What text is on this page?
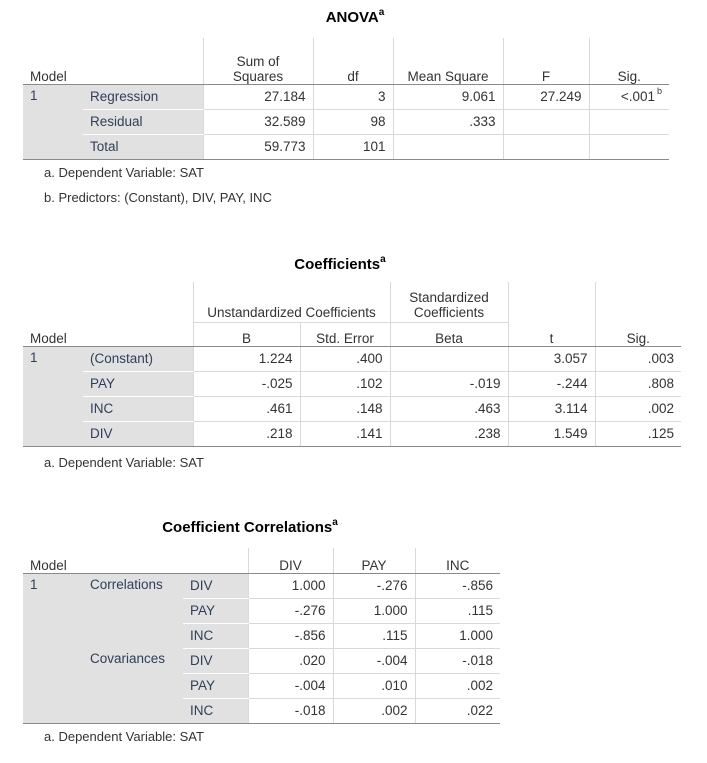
ANOVA$^a$
Model		Sum of
Squares	df	Mean Square	F	Sig.
1	Regression	27.184	3	9.061	27.249	<.001 $^b$
	Residual	32.589	98	.333		
	Total	59.773	101			
a. Dependent Variable: SAT
b. Predictors: (Constant), DIV, PAY, INC
Coefficients$^a$
		Unstandardized Coefficients		Standardized
Coefficients		

Model		B	Std. Error	Beta	t	Sig.
1	(Constant)	1.224	.400		3.057	.003
	PAY	-.025	.102	-.019	-.244	.808
	INC	.461	.148	.463	3.114	.002
	DIV	.218	.141	.238	1.549	.125
a. Dependent Variable: SAT
Coefficient Correlations$^a$
Model			DIV	PAY	INC
1	Correlations	DIV	1.000	-.276	-.856
		PAY	-.276	1.000	.115
		INC	-.856	.115	1.000
	Covariances	DIV	.020	-.004	-.018
		PAY	-.004	.010	.002
		INC	-.018	.002	.022
a. Dependent Variable: SAT
